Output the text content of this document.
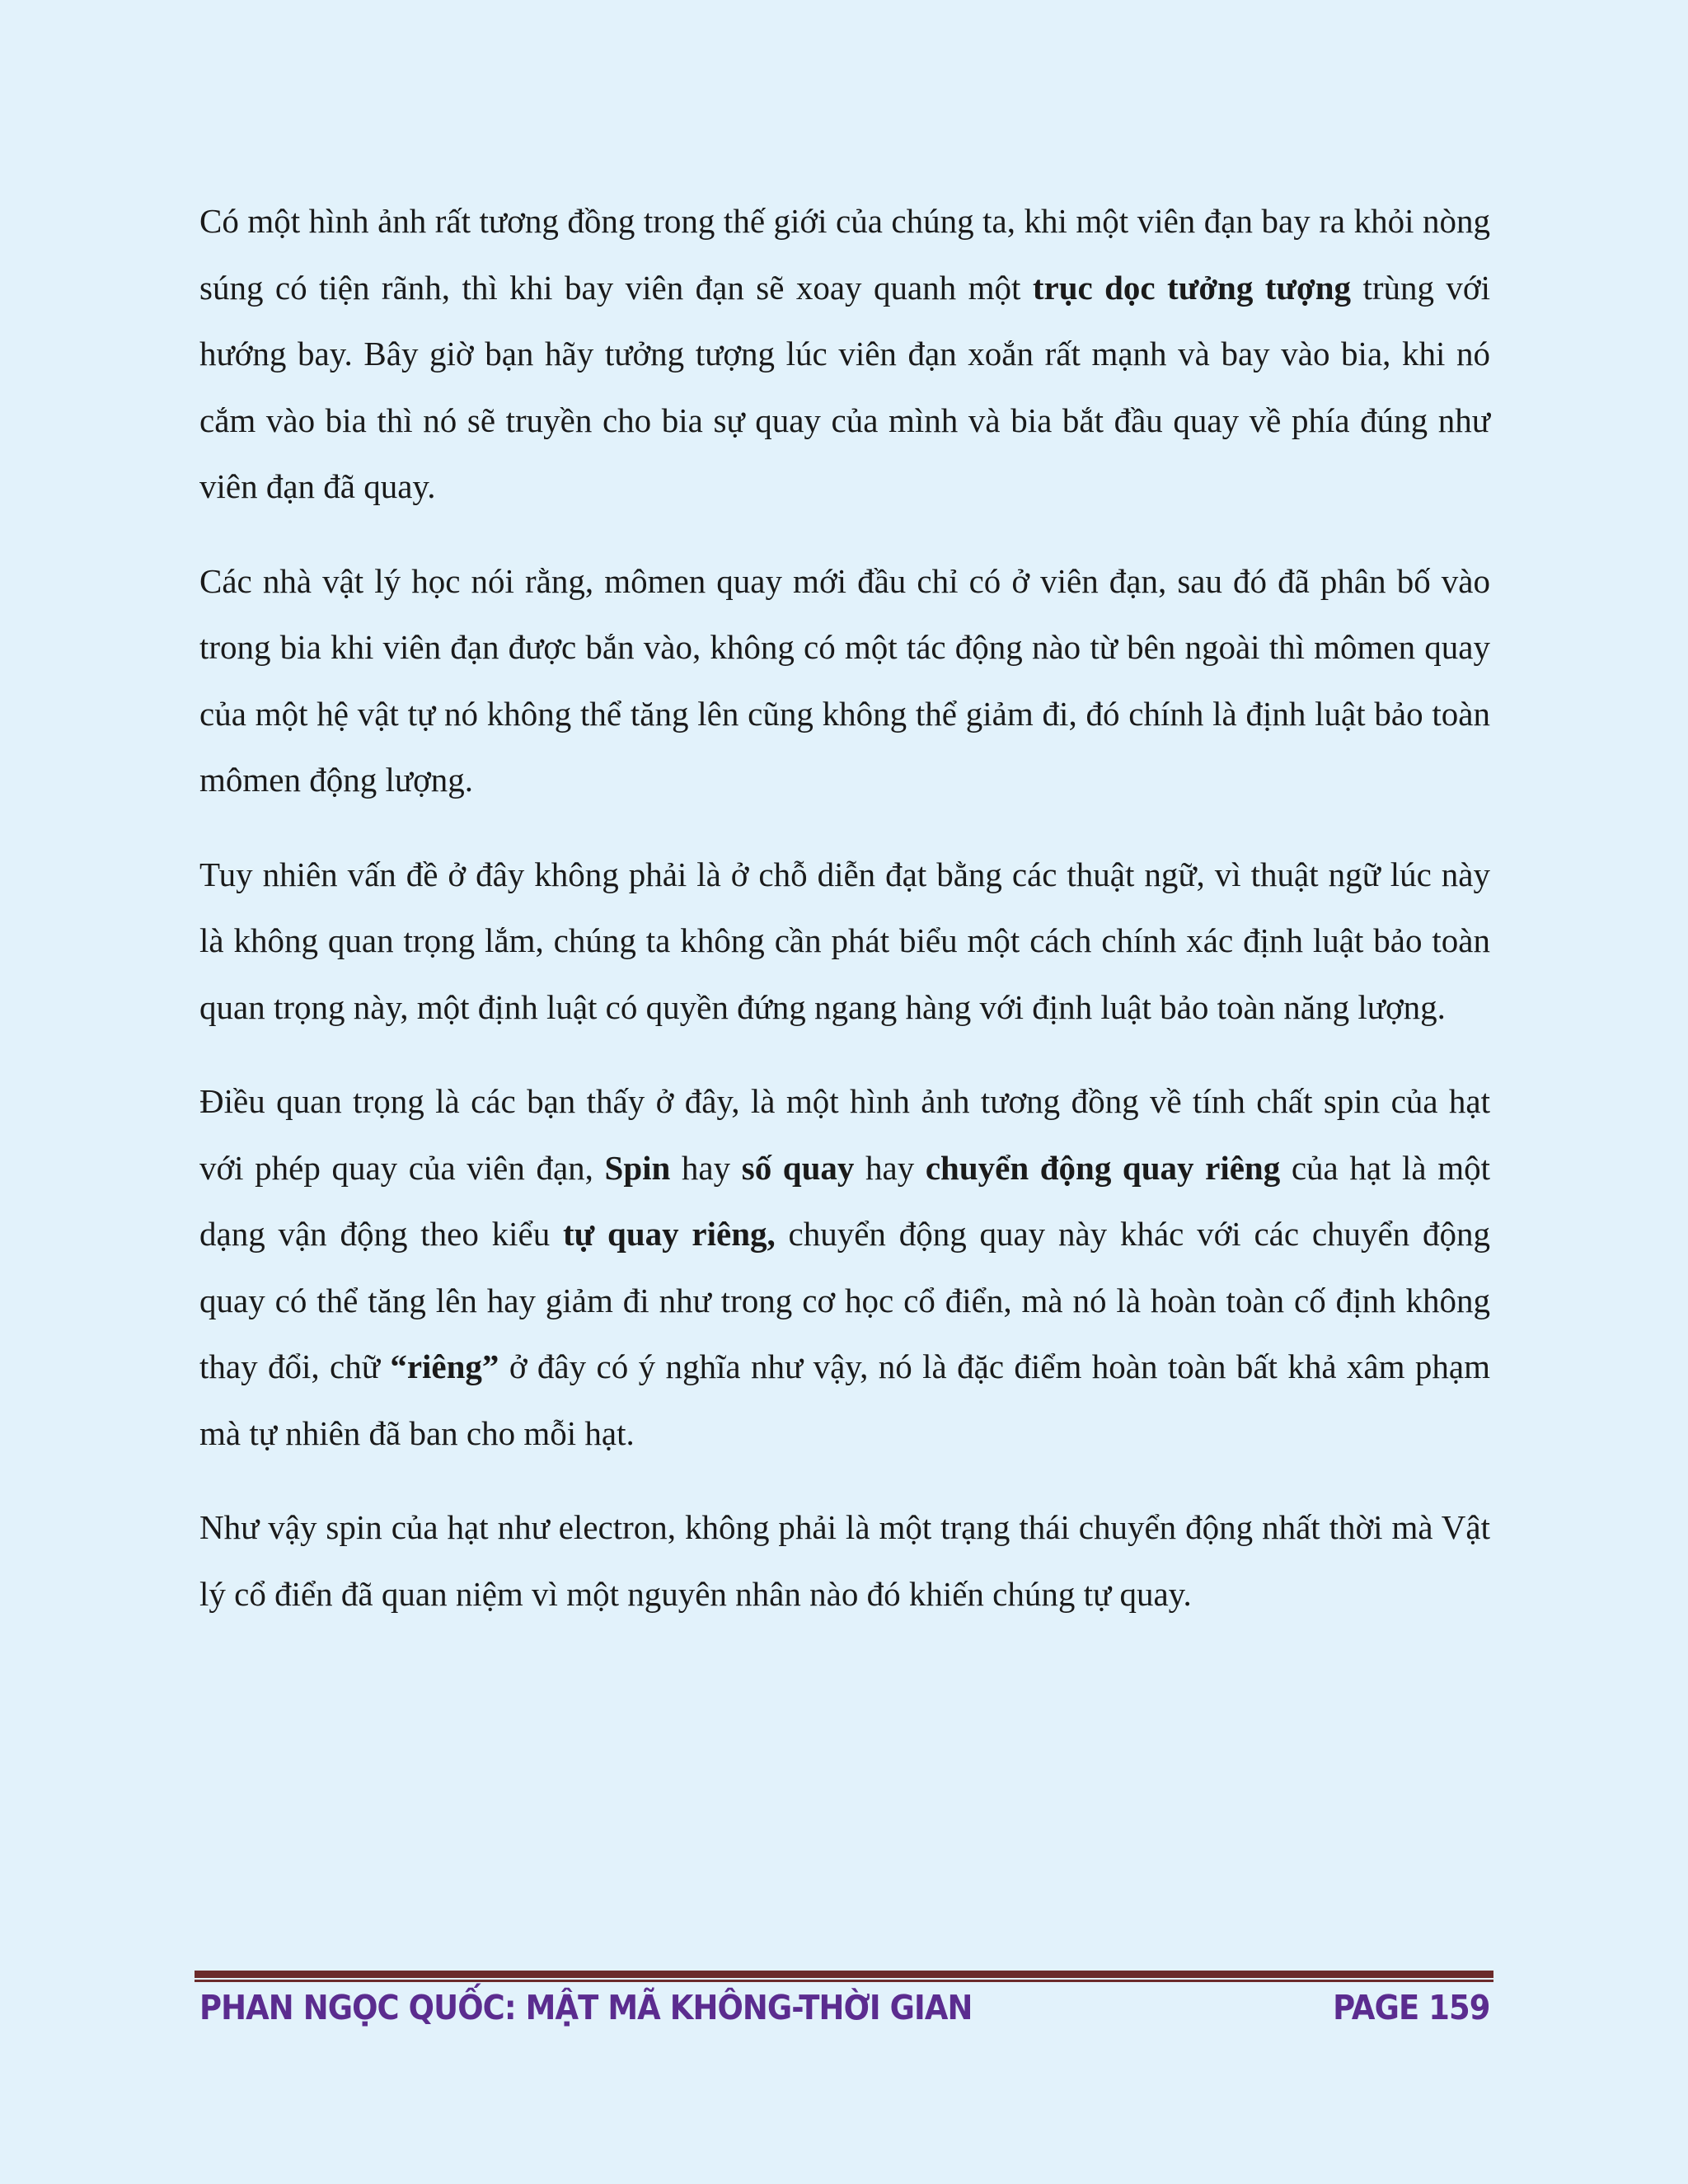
Có một hình ảnh rất tương đồng trong thế giới của chúng ta, khi một viên đạn bay ra khỏi nòng súng có tiện rãnh, thì khi bay viên đạn sẽ xoay quanh một trục dọc tưởng tượng trùng với hướng bay. Bây giờ bạn hãy tưởng tượng lúc viên đạn xoắn rất mạnh và bay vào bia, khi nó cắm vào bia thì nó sẽ truyền cho bia sự quay của mình và bia bắt đầu quay về phía đúng như viên đạn đã quay.

Các nhà vật lý học nói rằng, mômen quay mới đầu chỉ có ở viên đạn, sau đó đã phân bố vào trong bia khi viên đạn được bắn vào, không có một tác động nào từ bên ngoài thì mômen quay của một hệ vật tự nó không thể tăng lên cũng không thể giảm đi, đó chính là định luật bảo toàn mômen động lượng.

Tuy nhiên vấn đề ở đây không phải là ở chỗ diễn đạt bằng các thuật ngữ, vì thuật ngữ lúc này là không quan trọng lắm, chúng ta không cần phát biểu một cách chính xác định luật bảo toàn quan trọng này, một định luật có quyền đứng ngang hàng với định luật bảo toàn năng lượng.

Điều quan trọng là các bạn thấy ở đây, là một hình ảnh tương đồng về tính chất spin của hạt với phép quay của viên đạn, Spin hay số quay hay chuyển động quay riêng của hạt là một dạng vận động theo kiểu tự quay riêng, chuyển động quay này khác với các chuyển động quay có thể tăng lên hay giảm đi như trong cơ học cổ điển, mà nó là hoàn toàn cố định không thay đổi, chữ “riêng” ở đây có ý nghĩa như vậy, nó là đặc điểm hoàn toàn bất khả xâm phạm mà tự nhiên đã ban cho mỗi hạt.

Như vậy spin của hạt như electron, không phải là một trạng thái chuyển động nhất thời mà Vật lý cổ điển đã quan niệm vì một nguyên nhân nào đó khiến chúng tự quay.

PHAN NGỌC QUỐC: MẬT MÃ KHÔNG-THỜI GIAN	PAGE 159
